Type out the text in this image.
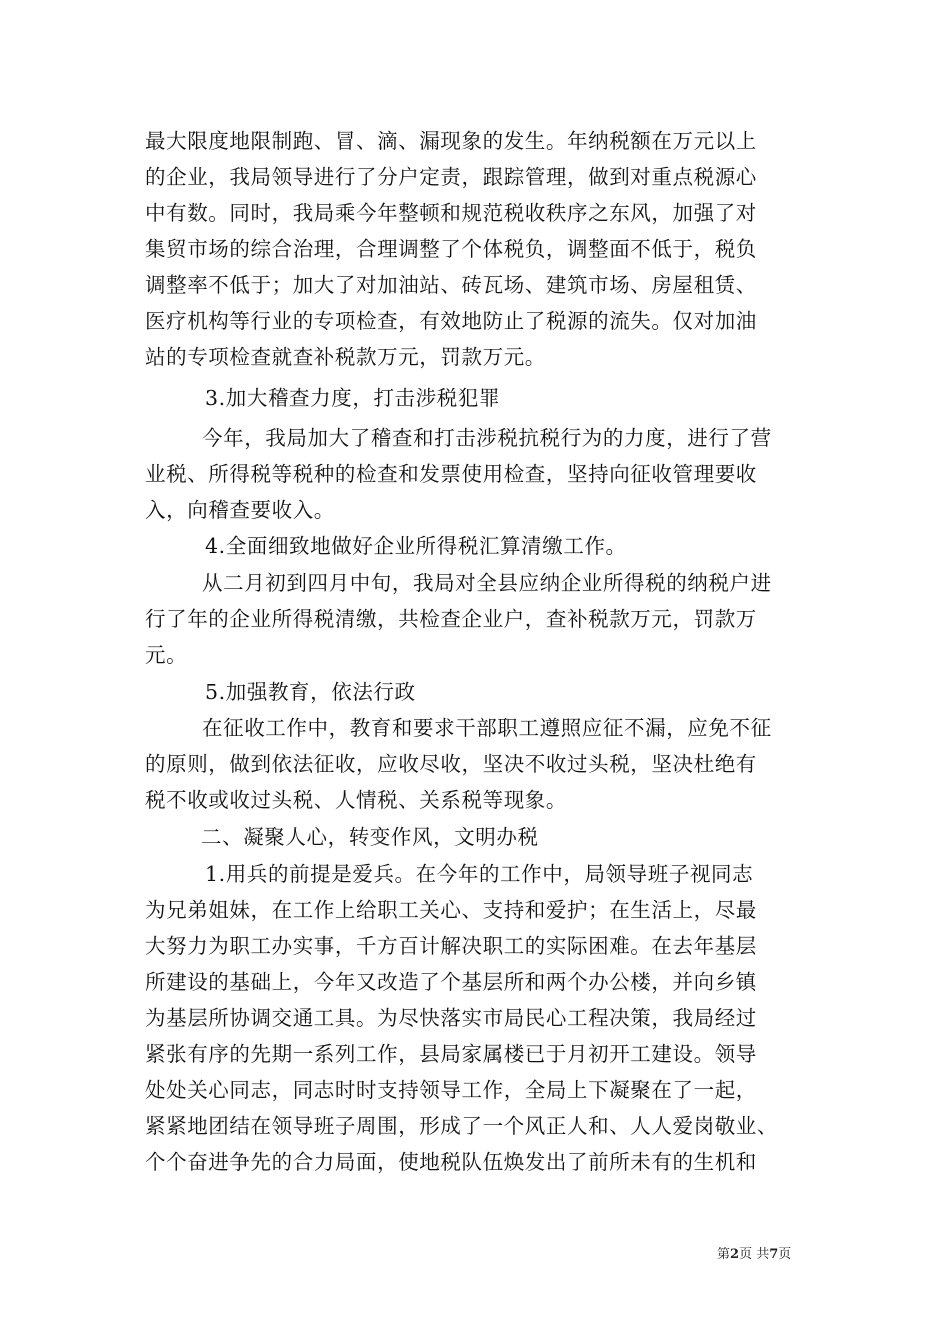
最大限度地限制跑、冒、滴、漏现象的发生。年纳税额在万元以上
的企业，我局领导进行了分户定责，跟踪管理，做到对重点税源心
中有数。同时，我局乘今年整顿和规范税收秩序之东风，加强了对
集贸市场的综合治理，合理调整了个体税负，调整面不低于，税负
调整率不低于；加大了对加油站、砖瓦场、建筑市场、房屋租赁、
医疗机构等行业的专项检查，有效地防止了税源的流失。仅对加油
站的专项检查就查补税款万元，罚款万元。
3.加大稽查力度，打击涉税犯罪
今年，我局加大了稽查和打击涉税抗税行为的力度，进行了营
业税、所得税等税种的检查和发票使用检查，坚持向征收管理要收
入，向稽查要收入。
4.全面细致地做好企业所得税汇算清缴工作。
从二月初到四月中旬，我局对全县应纳企业所得税的纳税户进
行了年的企业所得税清缴，共检查企业户，查补税款万元，罚款万
元。
5.加强教育，依法行政
在征收工作中，教育和要求干部职工遵照应征不漏，应免不征
的原则，做到依法征收，应收尽收，坚决不收过头税，坚决杜绝有
税不收或收过头税、人情税、关系税等现象。
二、凝聚人心，转变作风，文明办税
1.用兵的前提是爱兵。在今年的工作中，局领导班子视同志
为兄弟姐妹，在工作上给职工关心、支持和爱护；在生活上，尽最
大努力为职工办实事，千方百计解决职工的实际困难。在去年基层
所建设的基础上，今年又改造了个基层所和两个办公楼，并向乡镇
为基层所协调交通工具。为尽快落实市局民心工程决策，我局经过
紧张有序的先期一系列工作，县局家属楼已于月初开工建设。领导
处处关心同志，同志时时支持领导工作，全局上下凝聚在了一起，
紧紧地团结在领导班子周围，形成了一个风正人和、人人爱岗敬业、
个个奋进争先的合力局面，使地税队伍焕发出了前所未有的生机和
第2页 共7页
